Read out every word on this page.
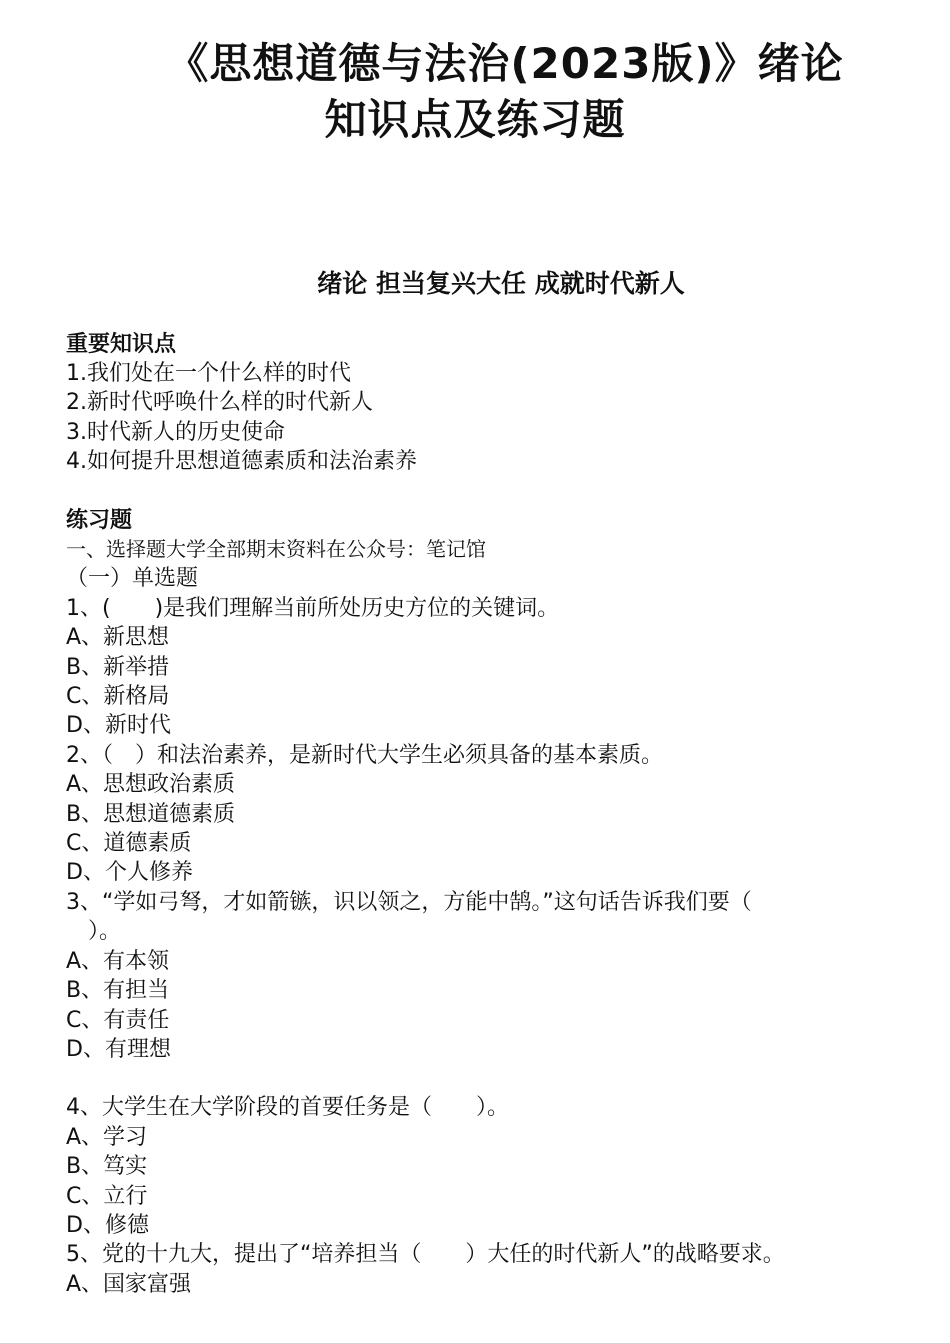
《思想道德与法治(2023版)》绪论
知识点及练习题
绪论 担当复兴大任 成就时代新人

重要知识点

1.我们处在一个什么样的时代

2.新时代呼唤什么样的时代新人

3.时代新人的历史使命

4.如何提升思想道德素质和法治素养

练习题

一、选择题大学全部期末资料在公众号：笔记馆

（一）单选题

1、(　　)是我们理解当前所处历史方位的关键词。

A、新思想

B、新举措

C、新格局

D、新时代

2、（　）和法治素养，是新时代大学生必须具备的基本素质。

A、思想政治素质

B、思想道德素质

C、道德素质

D、个人修养

3、“学如弓弩，才如箭镞，识以领之，方能中鹄。”这句话告诉我们要（

　）。

A、有本领

B、有担当

C、有责任

D、有理想

4、大学生在大学阶段的首要任务是（　　）。

A、学习

B、笃实

C、立行

D、修德

5、党的十九大，提出了“培养担当（　　）大任的时代新人”的战略要求。

A、国家富强
